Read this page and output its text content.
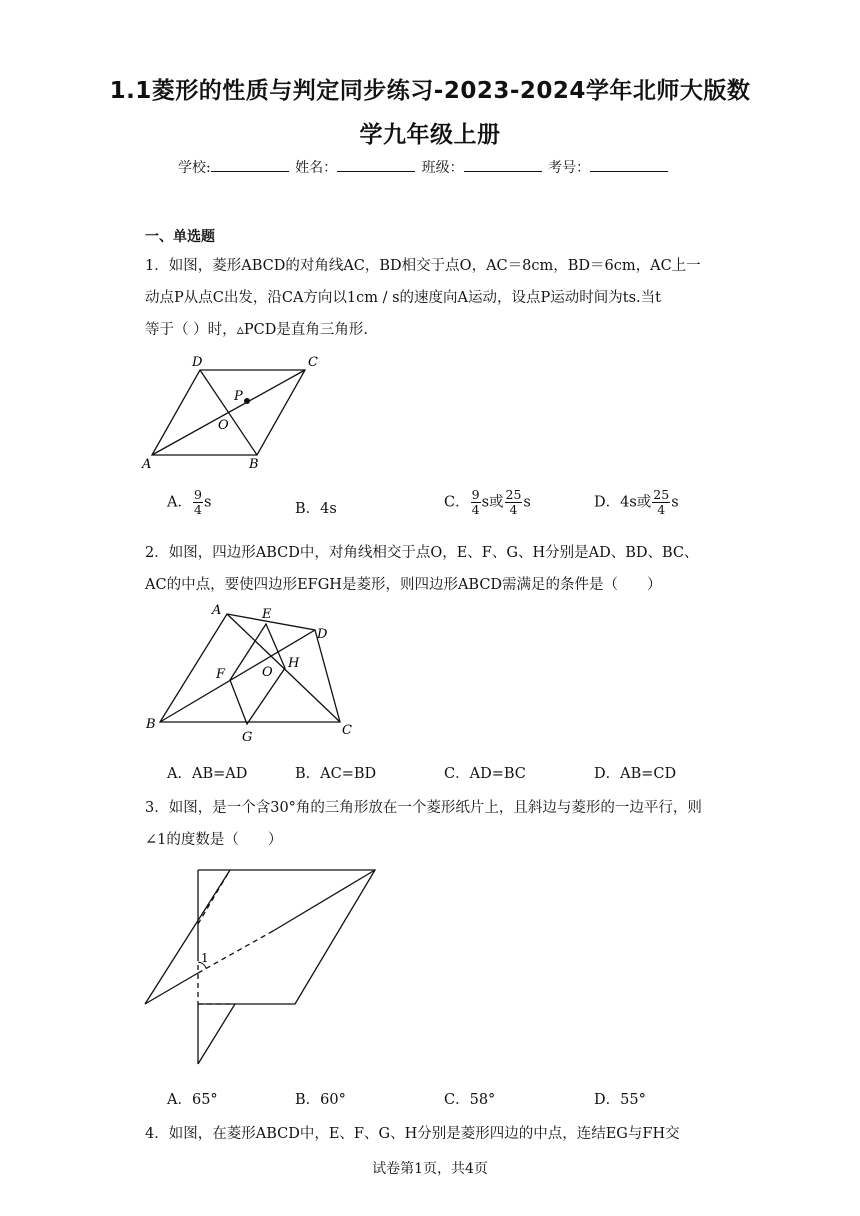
1.1菱形的性质与判定同步练习-2023-2024学年北师大版数
学九年级上册
学校:	姓名：	班级：	考号：
一、单选题
1．如图，菱形ABCD的对角线AC，BD相交于点O，AC＝8cm，BD＝6cm，AC上一
动点P从点C出发，沿CA方向以1cm / s的速度向A运动，设点P运动时间为ts.当t
等于（ ）时，▵PCD是直角三角形.
A	B
C
D
O
P
A． $\frac{9}{4}$ s	B．4s	C． $\frac{9}{4}$ s或 $\frac{25}{4}$ s	D．4s或 $\frac{25}{4}$ s
2．如图，四边形ABCD中，对角线相交于点O，E、F、G、H分别是AD、BD、BC、
AC的中点，要使四边形EFGH是菱形，则四边形ABCD需满足的条件是（　　）
A
B	C
D
E
F
G
H
O
A．AB=AD	B．AC=BD	C．AD=BC	D．AB=CD
3．如图，是一个含30°角的三角形放在一个菱形纸片上，且斜边与菱形的一边平行，则
∠1的度数是（　　）
1
A．65°	B．60°	C．58°	D．55°
4．如图，在菱形ABCD中，E、F、G、H分别是菱形四边的中点，连结EG与FH交
试卷第1页，共4页
